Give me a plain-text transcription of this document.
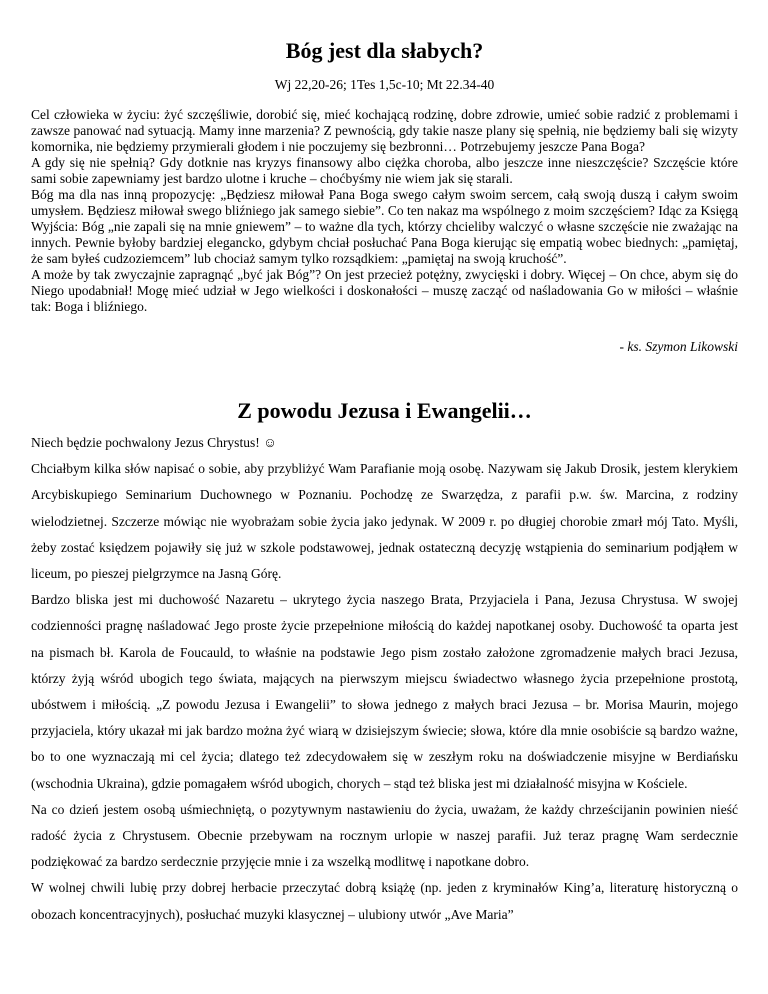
Bóg jest dla słabych?

Wj 22,20-26; 1Tes 1,5c-10; Mt 22.34-40

Cel człowieka w życiu: żyć szczęśliwie, dorobić się, mieć kochającą rodzinę, dobre zdrowie, umieć sobie radzić z problemami i zawsze panować nad sytuacją. Mamy inne marzenia? Z pewnością, gdy takie nasze plany się spełnią, nie będziemy bali się wizyty komornika, nie będziemy przymierali głodem i nie poczujemy się bezbronni… Potrzebujemy jeszcze Pana Boga?

A gdy się nie spełnią? Gdy dotknie nas kryzys finansowy albo ciężka choroba, albo jeszcze inne nieszczęście? Szczęście które sami sobie zapewniamy jest bardzo ulotne i kruche – choćbyśmy nie wiem jak się starali.

Bóg ma dla nas inną propozycję: „Będziesz miłował Pana Boga swego całym swoim sercem, całą swoją duszą i całym swoim umysłem. Będziesz miłował swego bliźniego jak samego siebie”. Co ten nakaz ma wspólnego z moim szczęściem? Idąc za Księgą Wyjścia: Bóg „nie zapali się na mnie gniewem” – to ważne dla tych, którzy chcieliby walczyć o własne szczęście nie zważając na innych. Pewnie byłoby bardziej elegancko, gdybym chciał posłuchać Pana Boga kierując się empatią wobec biednych: „pamiętaj, że sam byłeś cudzoziemcem” lub chociaż samym tylko rozsądkiem: „pamiętaj na swoją kruchość”.

A może by tak zwyczajnie zapragnąć „być jak Bóg”? On jest przecież potężny, zwycięski i dobry. Więcej – On chce, abym się do Niego upodabniał! Mogę mieć udział w Jego wielkości i doskonałości – muszę zacząć od naśladowania Go w miłości – właśnie tak: Boga i bliźniego.

- ks. Szymon Likowski

Z powodu Jezusa i Ewangelii…

Niech będzie pochwalony Jezus Chrystus! ☺

Chciałbym kilka słów napisać o sobie, aby przybliżyć Wam Parafianie moją osobę. Nazywam się Jakub Drosik, jestem klerykiem Arcybiskupiego Seminarium Duchownego w Poznaniu. Pochodzę ze Swarzędza, z parafii p.w. św. Marcina, z rodziny wielodzietnej. Szczerze mówiąc nie wyobrażam sobie życia jako jedynak. W 2009 r. po długiej chorobie zmarł mój Tato. Myśli, żeby zostać księdzem pojawiły się już w szkole podstawowej, jednak ostateczną decyzję wstąpienia do seminarium podjąłem w liceum, po pieszej pielgrzymce na Jasną Górę.

Bardzo bliska jest mi duchowość Nazaretu – ukrytego życia naszego Brata, Przyjaciela i Pana, Jezusa Chrystusa. W swojej codzienności pragnę naśladować Jego proste życie przepełnione miłością do każdej napotkanej osoby. Duchowość ta oparta jest na pismach bł. Karola de Foucauld, to właśnie na podstawie Jego pism zostało założone zgromadzenie małych braci Jezusa, którzy żyją wśród ubogich tego świata, mających na pierwszym miejscu świadectwo własnego życia przepełnione prostotą, ubóstwem i miłością. „Z powodu Jezusa i Ewangelii” to słowa jednego z małych braci Jezusa – br. Morisa Maurin, mojego przyjaciela, który ukazał mi jak bardzo można żyć wiarą w dzisiejszym świecie; słowa, które dla mnie osobiście są bardzo ważne, bo to one wyznaczają mi cel życia; dlatego też zdecydowałem się w zeszłym roku na doświadczenie misyjne w Berdiańsku (wschodnia Ukraina), gdzie pomagałem wśród ubogich, chorych – stąd też bliska jest mi działalność misyjna w Kościele.

Na co dzień jestem osobą uśmiechniętą, o pozytywnym nastawieniu do życia, uważam, że każdy chrześcijanin powinien nieść radość życia z Chrystusem. Obecnie przebywam na rocznym urlopie w naszej parafii. Już teraz pragnę Wam serdecznie podziękować za bardzo serdecznie przyjęcie mnie i za wszelką modlitwę i napotkane dobro.

W wolnej chwili lubię przy dobrej herbacie przeczytać dobrą książę (np. jeden z kryminałów King’a, literaturę historyczną o obozach koncentracyjnych), posłuchać muzyki klasycznej – ulubiony utwór „Ave Maria”
